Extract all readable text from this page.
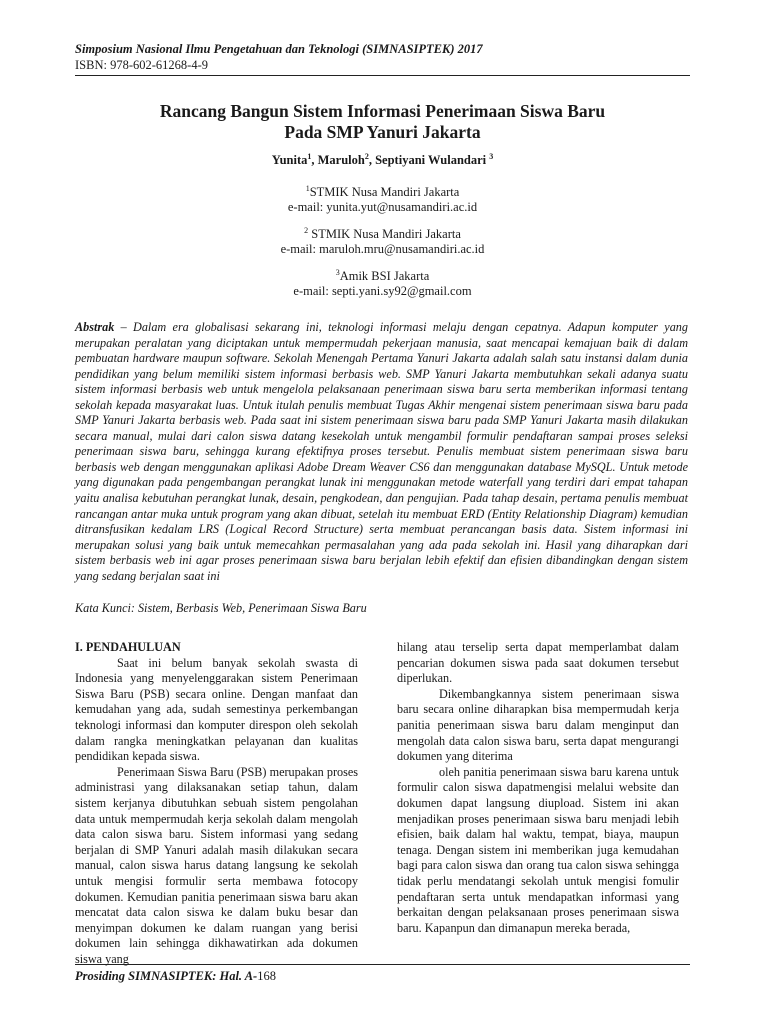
Simposium Nasional Ilmu Pengetahuan dan Teknologi (SIMNASIPTEK) 2017
ISBN: 978-602-61268-4-9
Rancang Bangun Sistem Informasi Penerimaan Siswa Baru
Pada SMP Yanuri Jakarta
Yunita$^1$, Maruloh$^2$, Septiyani Wulandari $^3$
$^1$STMIK Nusa Mandiri Jakarta
e-mail: yunita.yut@nusamandiri.ac.id
$^2$ STMIK Nusa Mandiri Jakarta
e-mail: maruloh.mru@nusamandiri.ac.id
$^3$Amik BSI Jakarta
e-mail: septi.yani.sy92@gmail.com

Abstrak – Dalam era globalisasi sekarang ini, teknologi informasi melaju dengan cepatnya. Adapun komputer yang merupakan peralatan yang diciptakan untuk mempermudah pekerjaan manusia, saat mencapai kemajuan baik di dalam pembuatan hardware maupun software. Sekolah Menengah Pertama Yanuri Jakarta adalah salah satu instansi dalam dunia pendidikan yang belum memiliki sistem informasi berbasis web. SMP Yanuri Jakarta membutuhkan sekali adanya suatu sistem informasi berbasis web untuk mengelola pelaksanaan penerimaan siswa baru serta memberikan informasi tentang sekolah kepada masyarakat luas. Untuk itulah penulis membuat Tugas Akhir mengenai sistem penerimaan siswa baru pada SMP Yanuri Jakarta berbasis web. Pada saat ini sistem penerimaan siswa baru pada SMP Yanuri Jakarta masih dilakukan secara manual, mulai dari calon siswa datang kesekolah untuk mengambil formulir pendaftaran sampai proses seleksi penerimaan siswa baru, sehingga kurang efektifnya proses tersebut. Penulis membuat sistem penerimaan siswa baru berbasis web dengan menggunakan aplikasi Adobe Dream Weaver CS6 dan menggunakan database MySQL. Untuk metode yang digunakan pada pengembangan perangkat lunak ini menggunakan metode waterfall yang terdiri dari empat tahapan yaitu analisa kebutuhan perangkat lunak, desain, pengkodean, dan pengujian. Pada tahap desain, pertama penulis membuat rancangan antar muka untuk program yang akan dibuat, setelah itu membuat ERD (Entity Relationship Diagram) kemudian ditransfusikan kedalam LRS (Logical Record Structure) serta membuat perancangan basis data. Sistem informasi ini merupakan solusi yang baik untuk memecahkan permasalahan yang ada pada sekolah ini. Hasil yang diharapkan dari sistem berbasis web ini agar proses penerimaan siswa baru berjalan lebih efektif dan efisien dibandingkan dengan sistem yang sedang berjalan saat ini

Kata Kunci: Sistem, Berbasis Web, Penerimaan Siswa Baru

I. PENDAHULUAN

Saat ini belum banyak sekolah swasta di Indonesia yang menyelenggarakan sistem Penerimaan Siswa Baru (PSB) secara online. Dengan manfaat dan kemudahan yang ada, sudah semestinya perkembangan teknologi informasi dan komputer direspon oleh sekolah dalam rangka meningkatkan pelayanan dan kualitas pendidikan kepada siswa.

Penerimaan Siswa Baru (PSB) merupakan proses administrasi yang dilaksanakan setiap tahun, dalam sistem kerjanya dibutuhkan sebuah sistem pengolahan data untuk mempermudah kerja sekolah dalam mengolah data calon siswa baru. Sistem informasi yang sedang berjalan di SMP Yanuri adalah masih dilakukan secara manual, calon siswa harus datang langsung ke sekolah untuk mengisi formulir serta membawa fotocopy dokumen. Kemudian panitia penerimaan siswa baru akan mencatat data calon siswa ke dalam buku besar dan menyimpan dokumen ke dalam ruangan yang berisi dokumen lain sehingga dikhawatirkan ada dokumen siswa yang

hilang atau terselip serta dapat memperlambat dalam pencarian dokumen siswa pada saat dokumen tersebut diperlukan.

Dikembangkannya sistem penerimaan siswa baru secara online diharapkan bisa mempermudah kerja panitia penerimaan siswa baru dalam menginput dan mengolah data calon siswa baru, serta dapat mengurangi dokumen yang diterima

oleh panitia penerimaan siswa baru karena untuk formulir calon siswa dapatmengisi melalui website dan dokumen dapat langsung diupload. Sistem ini akan menjadikan proses penerimaan siswa baru menjadi lebih efisien, baik dalam hal waktu, tempat, biaya, maupun tenaga. Dengan sistem ini memberikan juga kemudahan bagi para calon siswa dan orang tua calon siswa sehingga tidak perlu mendatangi sekolah untuk mengisi fomulir pendaftaran serta untuk mendapatkan informasi yang berkaitan dengan pelaksanaan proses penerimaan siswa baru. Kapanpun dan dimanapun mereka berada,

Prosiding SIMNASIPTEK: Hal. A-168
